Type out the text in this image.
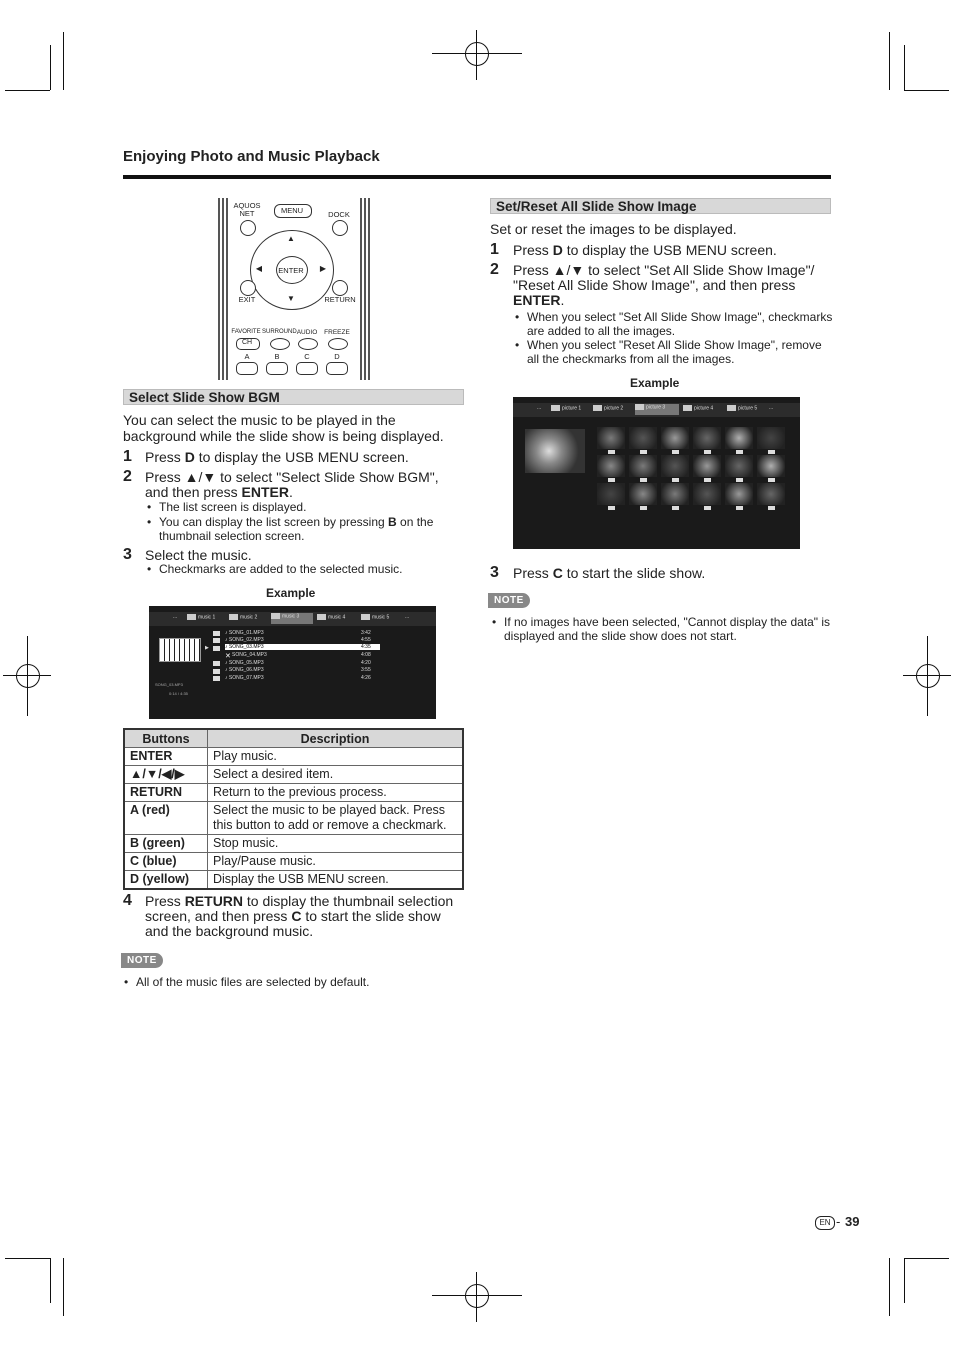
Enjoying Photo and Music Playback
AQUOS NET	MENU	DOCK
ENTER
▲
▼
◀	▶
EXIT	RETURN
FAVORITE SURROUND AUDIO	FREEZE
CH
A	B	C	D
Select Slide Show BGM
You can select the music to be played in the background while the slide show is being displayed.
1 Press D to display the USB MENU screen.
2 Press ▲/▼ to select "Select Slide Show BGM", and then press ENTER.
• The list screen is displayed.
• You can display the list screen by pressing B on the thumbnail selection screen.
3 Select the music.
• Checkmarks are added to the selected music.
Example
...	music 1	music 2	music 3	music 4	music 5	...
SONG_03.MP3
0:14 / 4:35
▶
✕
♪ SONG_01.MP3	3:42
♪ SONG_02.MP3	4:55
♪ SONG_03.MP3	4:35
SONG_04.MP3	4:08
♪ SONG_05.MP3	4:20
♪ SONG_06.MP3	3:55
♪ SONG_07.MP3	4:26
Buttons	Description
ENTER	Play music.
▲/▼/◀/▶	Select a desired item.
RETURN	Return to the previous process.
A (red)	Select the music to be played back. Press this button to add or remove a checkmark.
B (green)	Stop music.
C (blue)	Play/Pause music.
D (yellow)	Display the USB MENU screen.
4 Press RETURN to display the thumbnail selection screen, and then press C to start the slide show and the background music.
NOTE
• All of the music files are selected by default.
Set/Reset All Slide Show Image
Set or reset the images to be displayed.
1 Press D to display the USB MENU screen.
2 Press ▲/▼ to select "Set All Slide Show Image"/ "Reset All Slide Show Image", and then press ENTER.
• When you select "Set All Slide Show Image", checkmarks are added to all the images.
• When you select "Reset All Slide Show Image", remove all the checkmarks from all the images.
Example
...	picture 1	picture 2	picture 3	picture 4	picture 5 ...
3 Press C to start the slide show.
NOTE
• If no images have been selected, "Cannot display the data" is displayed and the slide show does not start.
EN - 39
